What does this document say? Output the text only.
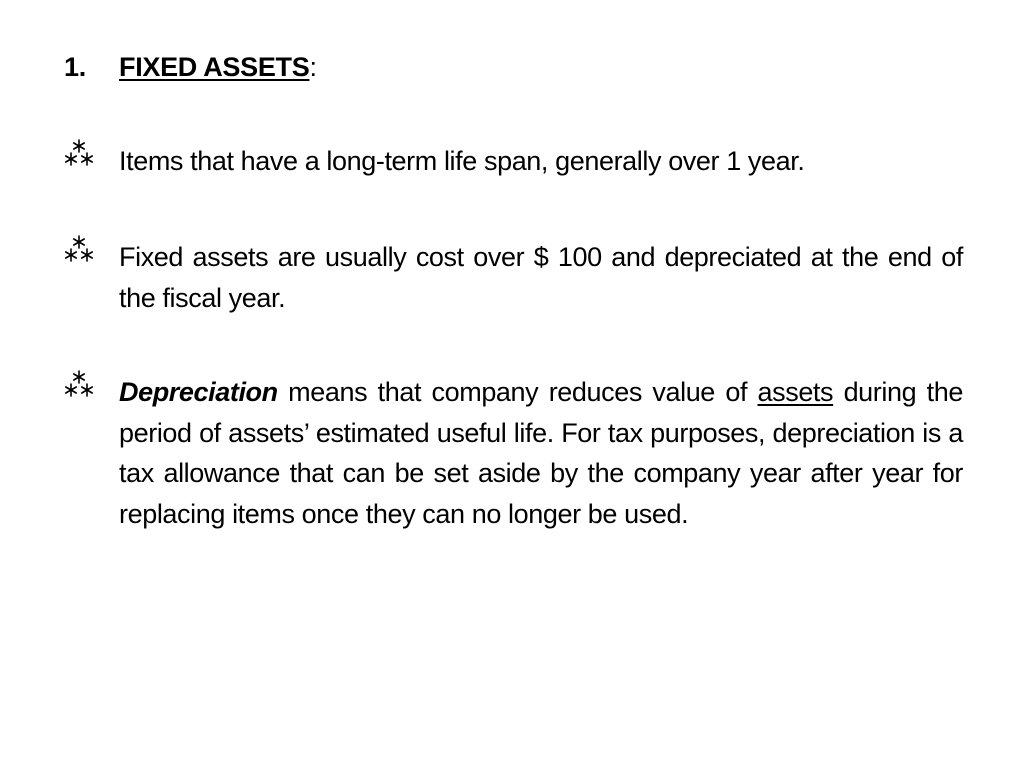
1. FIXED ASSETS:
Items that have a long-term life span, generally over 1 year.
Fixed assets are usually cost over $ 100 and depreciated at the end of the fiscal year.
Depreciation means that company reduces value of assets during the period of assets’ estimated useful life. For tax purposes, depreciation is a tax allowance that can be set aside by the company year after year for replacing items once they can no longer be used.
